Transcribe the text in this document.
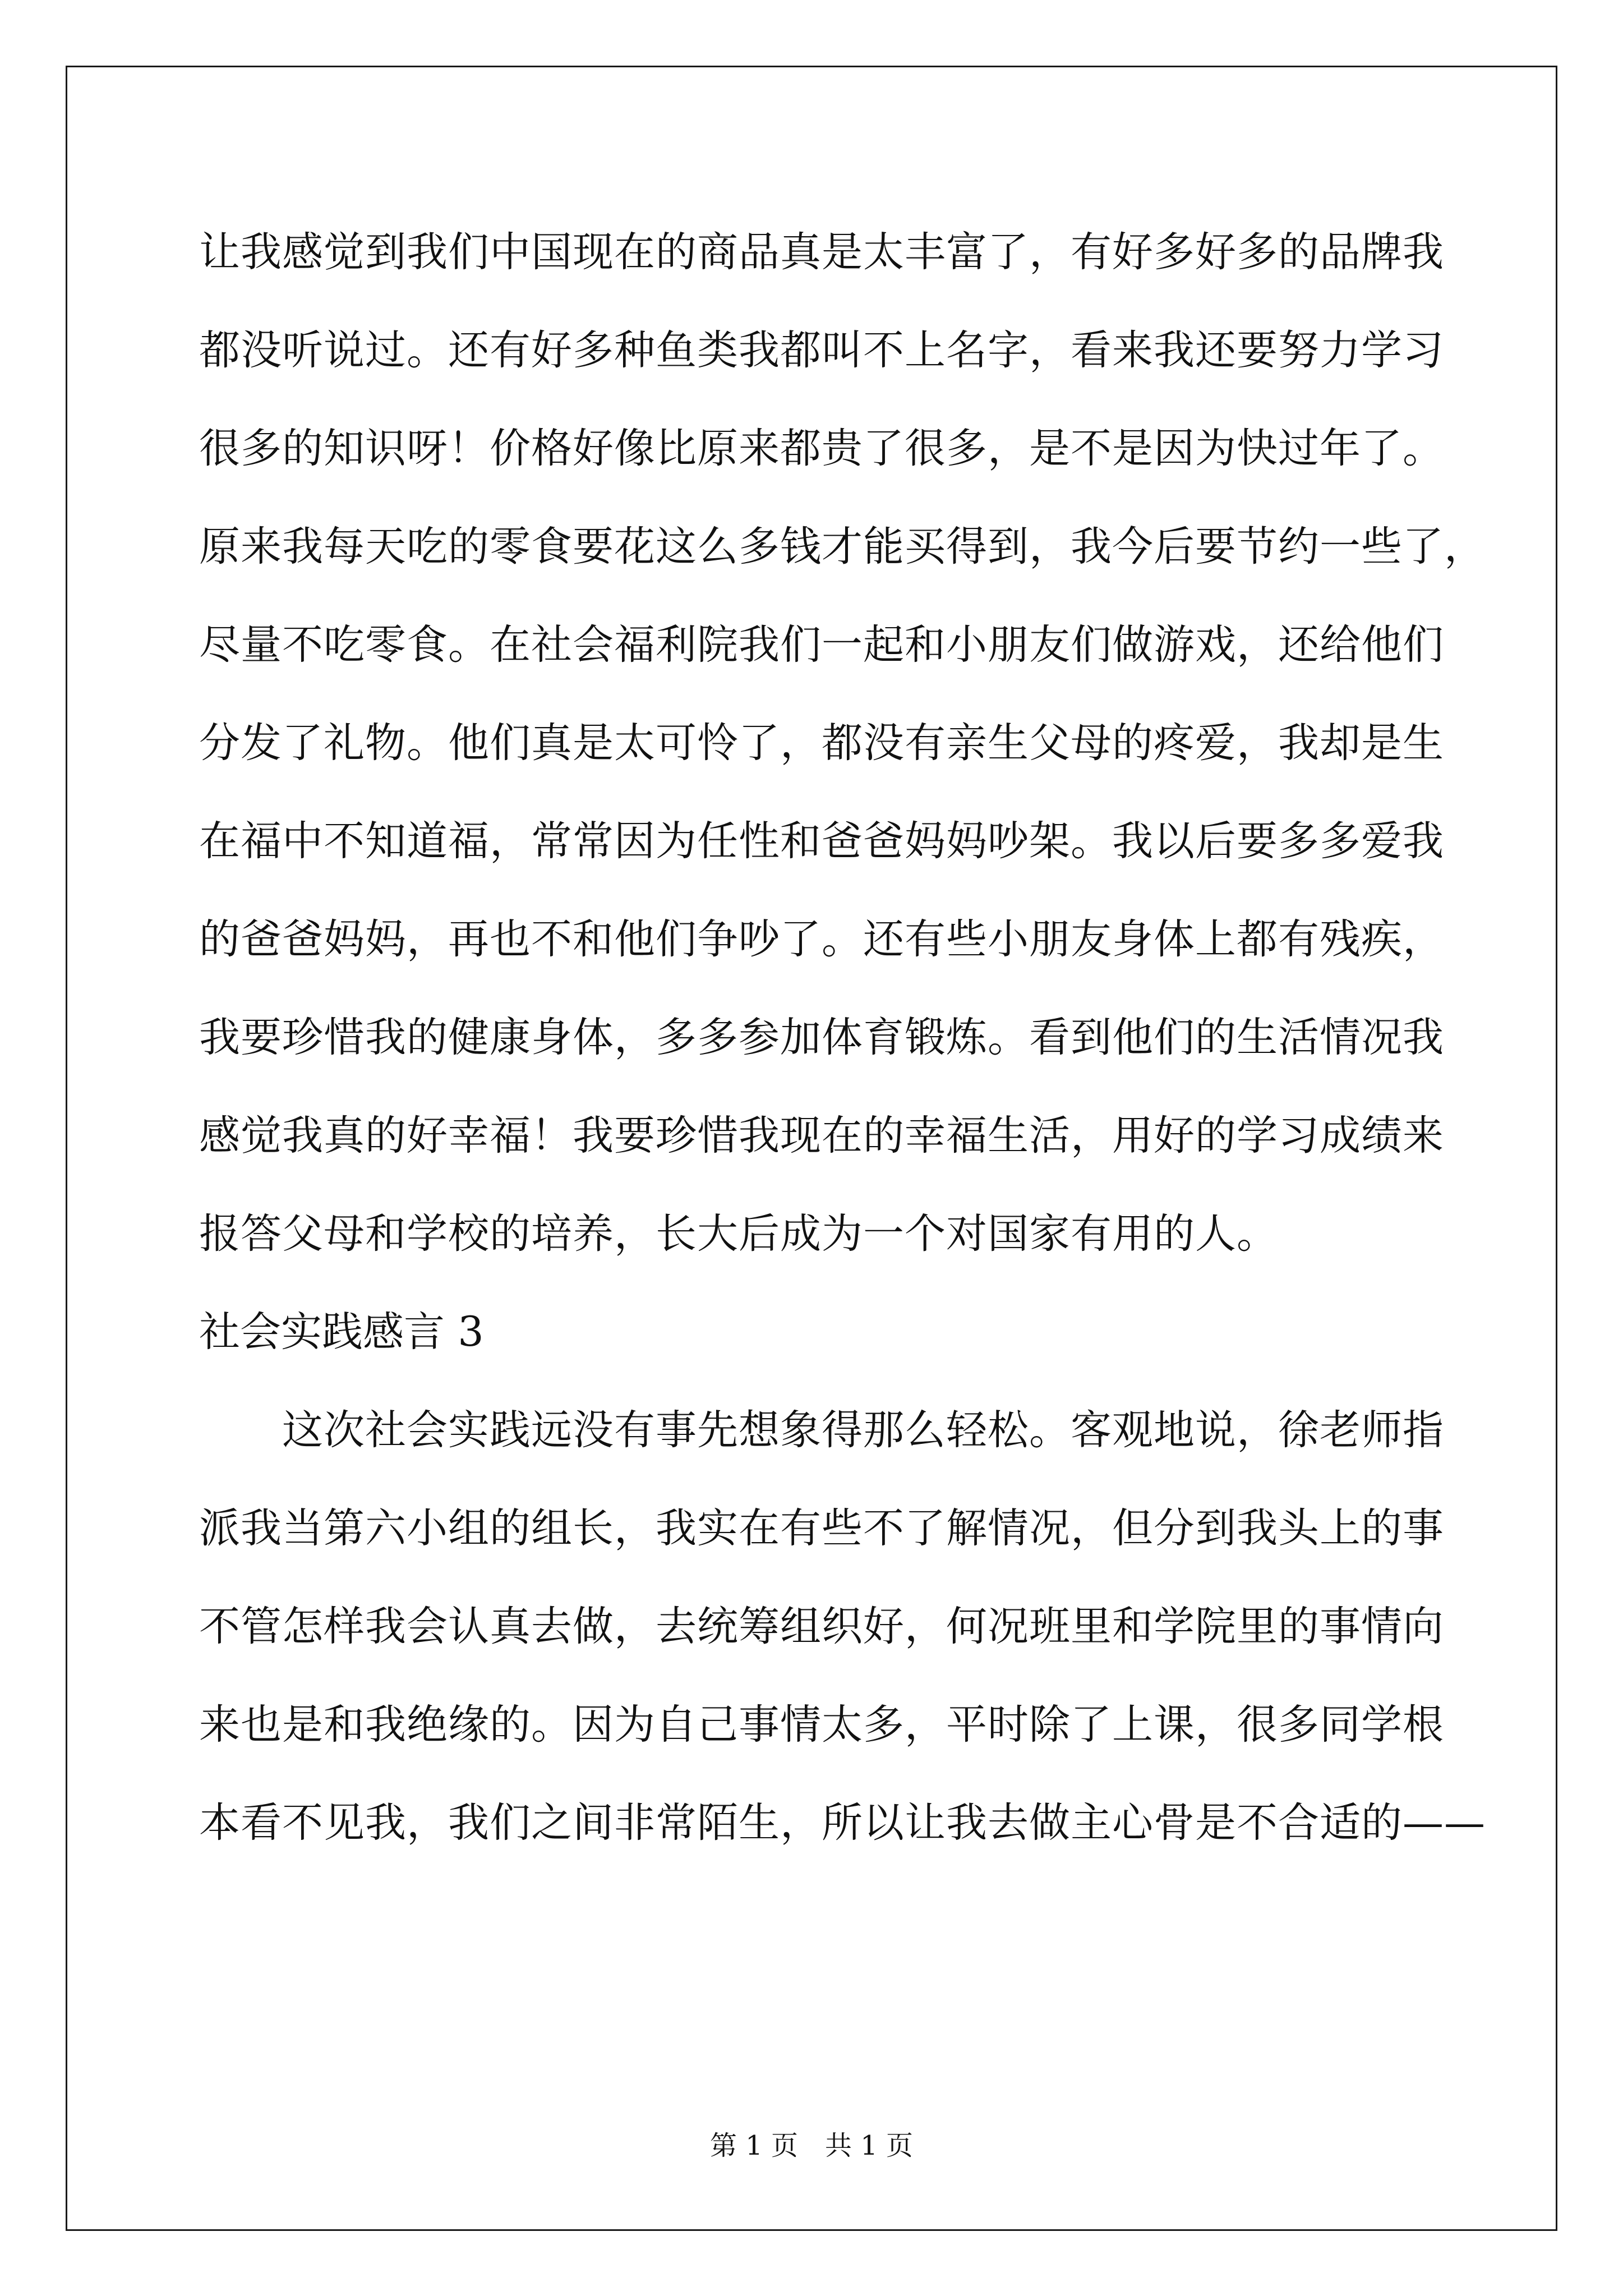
让我感觉到我们中国现在的商品真是太丰富了，有好多好多的品牌我
都没听说过。还有好多种鱼类我都叫不上名字，看来我还要努力学习
很多的知识呀！价格好像比原来都贵了很多，是不是因为快过年了。
原来我每天吃的零食要花这么多钱才能买得到，我今后要节约一些了，
尽量不吃零食。在社会福利院我们一起和小朋友们做游戏，还给他们
分发了礼物。他们真是太可怜了，都没有亲生父母的疼爱，我却是生
在福中不知道福，常常因为任性和爸爸妈妈吵架。我以后要多多爱我
的爸爸妈妈，再也不和他们争吵了。还有些小朋友身体上都有残疾，
我要珍惜我的健康身体，多多参加体育锻炼。看到他们的生活情况我
感觉我真的好幸福！我要珍惜我现在的幸福生活，用好的学习成绩来
报答父母和学校的培养，长大后成为一个对国家有用的人。
社会实践感言 3
这次社会实践远没有事先想象得那么轻松。客观地说，徐老师指
派我当第六小组的组长，我实在有些不了解情况，但分到我头上的事
不管怎样我会认真去做，去统筹组织好，何况班里和学院里的事情向
来也是和我绝缘的。因为自己事情太多，平时除了上课，很多同学根
本看不见我，我们之间非常陌生，所以让我去做主心骨是不合适的——
第 1 页　共 1 页
